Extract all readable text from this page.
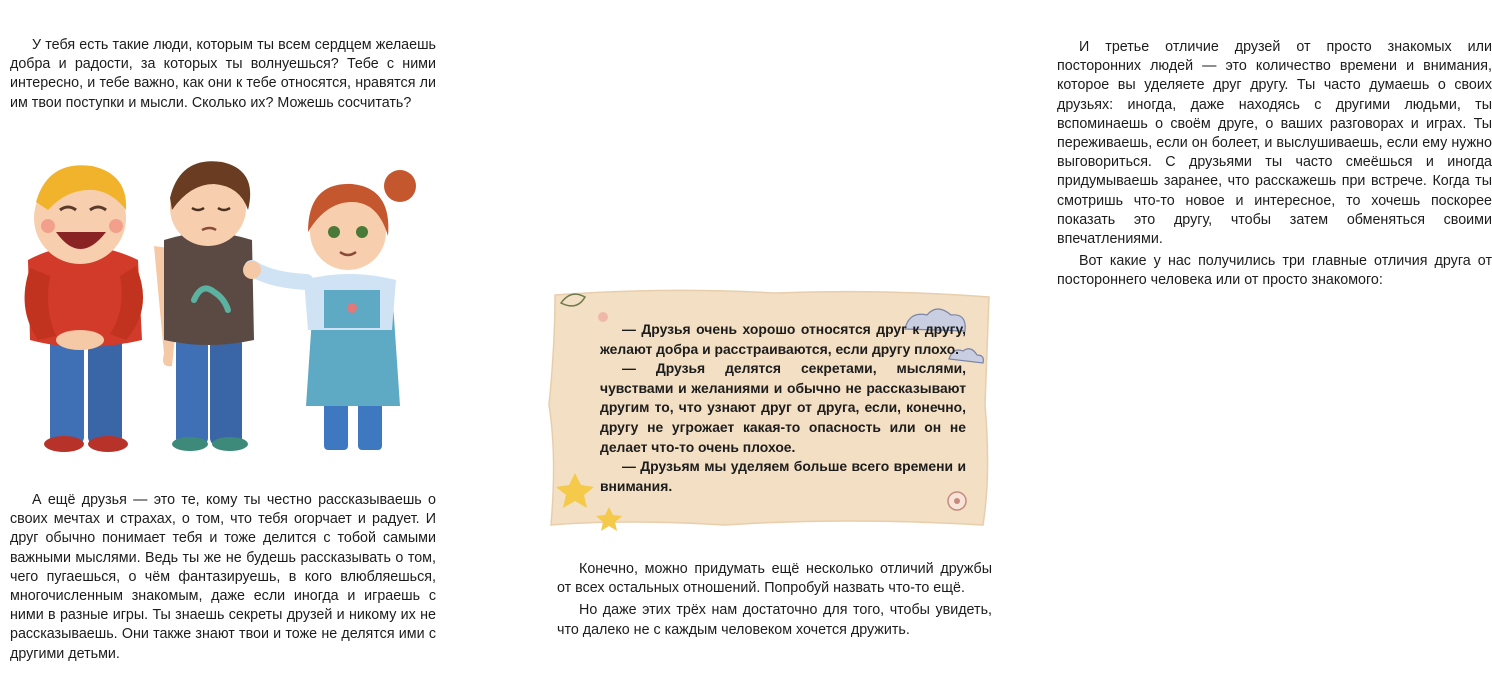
У тебя есть такие люди, которым ты всем сердцем желаешь добра и радости, за которых ты волнуешься? Тебе с ними интересно, и тебе важно, как они к тебе относятся, нравятся ли им твои поступки и мысли. Сколько их? Можешь сосчитать?

А ещё друзья — это те, кому ты честно рассказываешь о своих мечтах и страхах, о том, что тебя огорчает и радует. И друг обычно понимает тебя и тоже делится с тобой самыми важными мыслями. Ведь ты же не будешь рассказывать о том, чего пугаешься, о чём фантазируешь, в кого влюбляешься, многочисленным знакомым, даже если иногда и играешь с ними в разные игры. Ты знаешь секреты друзей и никому их не рассказываешь. Они также знают твои и тоже не делятся ими с другими детьми.

И третье отличие друзей от просто знакомых или посторонних людей — это количество времени и внимания, которое вы уделяете друг другу. Ты часто думаешь о своих друзьях: иногда, даже находясь с другими людьми, ты вспоминаешь о своём друге, о ваших разговорах и играх. Ты переживаешь, если он болеет, и выслушиваешь, если ему нужно выговориться. С друзьями ты часто смеёшься и иногда придумываешь заранее, что расскажешь при встрече. Когда ты смотришь что-то новое и интересное, то хочешь поскорее показать это другу, чтобы затем обменяться своими впечатлениями.

Вот какие у нас получились три главные отличия друга от постороннего человека или от просто знакомого:

— Друзья очень хорошо относятся друг к другу, желают добра и расстраиваются, если другу плохо.

— Друзья делятся секретами, мыслями, чувствами и желаниями и обычно не рассказывают другим то, что узнают друг от друга, если, конечно, другу не угрожает какая-то опасность или он не делает что-то очень плохое.

— Друзьям мы уделяем больше всего времени и внимания.

Конечно, можно придумать ещё несколько отличий дружбы от всех остальных отношений. Попробуй назвать что-то ещё.

Но даже этих трёх нам достаточно для того, чтобы увидеть, что далеко не с каждым человеком хочется дружить.
